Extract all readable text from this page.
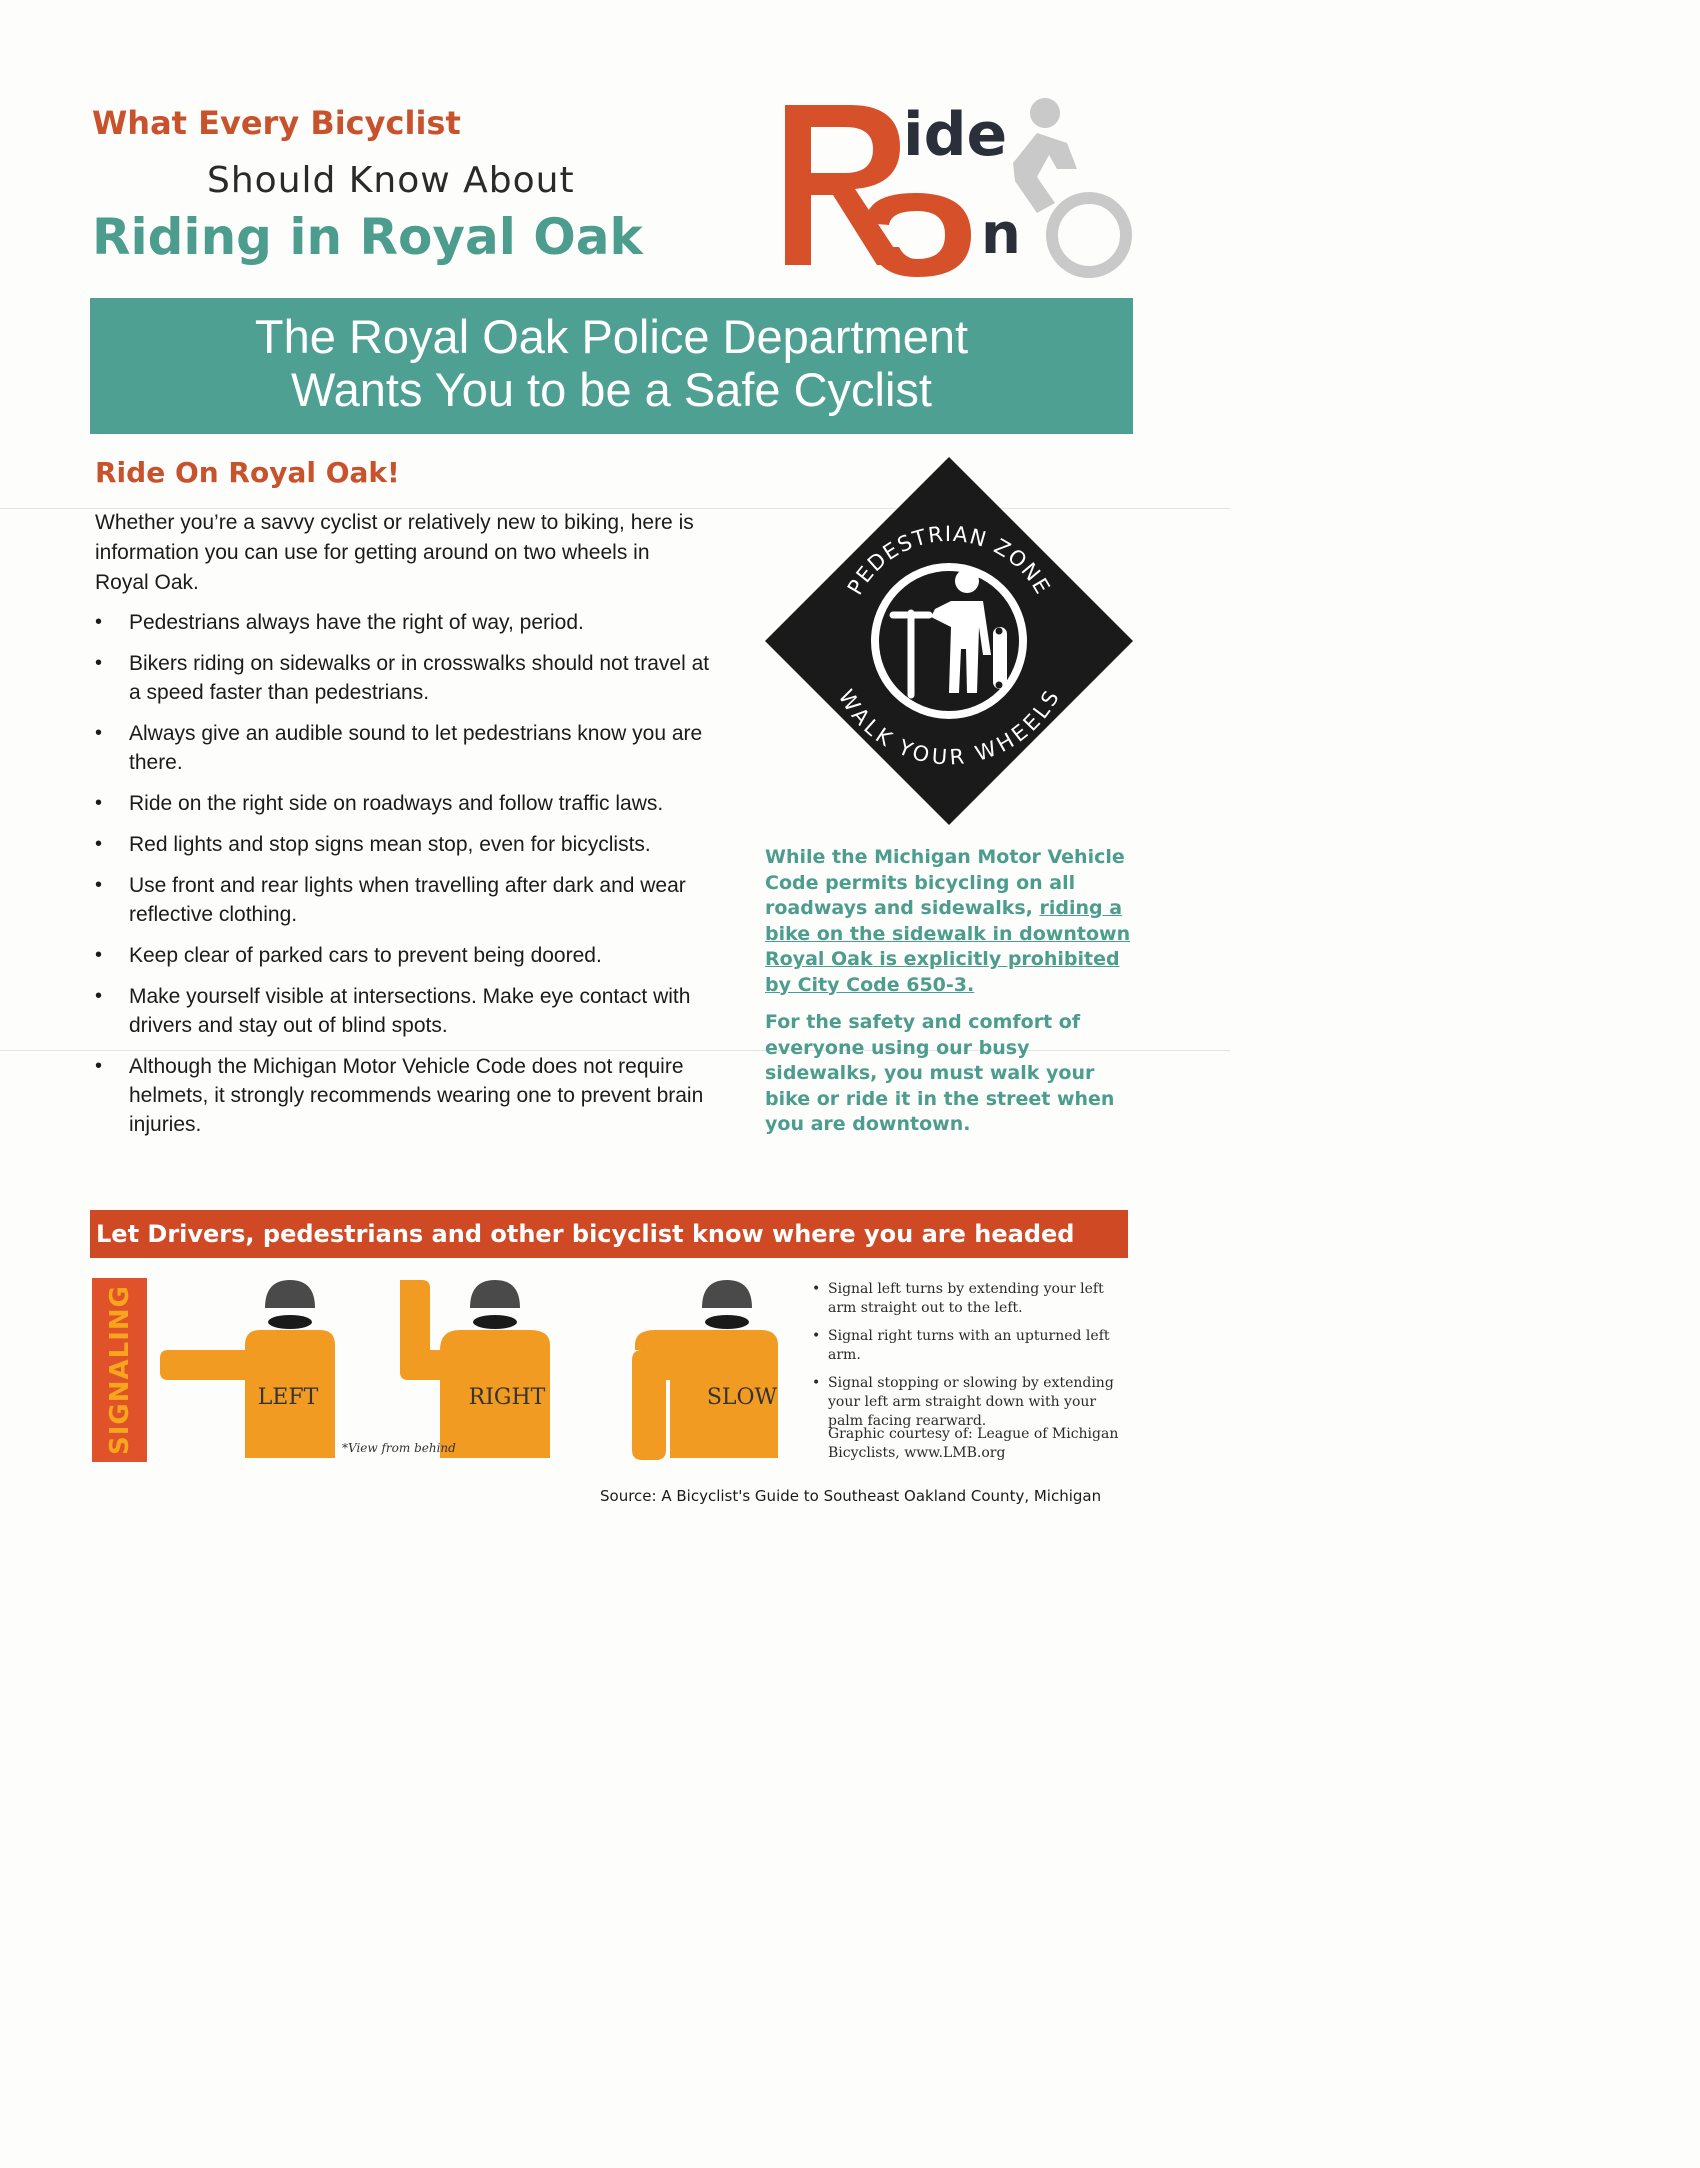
What Every Bicyclist
Should Know About
Riding in Royal Oak
ide
n
The Royal Oak Police Department
Wants You to be a Safe Cyclist
Ride On Royal Oak!
Whether you’re a savvy cyclist or relatively new to biking, here is information you can use for getting around on two wheels in Royal Oak.
• Pedestrians always have the right of way, period.
• Bikers riding on sidewalks or in crosswalks should not travel at a speed faster than pedestrians.
• Always give an audible sound to let pedestrians know you are there.
• Ride on the right side on roadways and follow traffic laws.
• Red lights and stop signs mean stop, even for bicyclists.
• Use front and rear lights when travelling after dark and wear reflective clothing.
• Keep clear of parked cars to prevent being doored.
• Make yourself visible at intersections. Make eye contact with drivers and stay out of blind spots.
• Although the Michigan Motor Vehicle Code does not require helmets, it strongly recommends wearing one to prevent brain injuries.
PEDESTRIAN ZONE
WALK YOUR WHEELS

While the Michigan Motor Vehicle Code permits bicycling on all roadways and sidewalks, riding a bike on the sidewalk in downtown Royal Oak is explicitly prohibited by City Code 650-3.

For the safety and comfort of everyone using our busy sidewalks, you must walk your bike or ride it in the street when you are downtown.

Let Drivers, pedestrians and other bicyclist know where you are headed
SIGNALING	LEFT	RIGHT	SLOW
*View from behind
• Signal left turns by extending your left arm straight out to the left.
• Signal right turns with an upturned left arm.
• Signal stopping or slowing by extending your left arm straight down with your palm facing rearward.
Graphic courtesy of: League of Michigan Bicyclists, www.LMB.org
Source: A Bicyclist's Guide to Southeast Oakland County, Michigan
